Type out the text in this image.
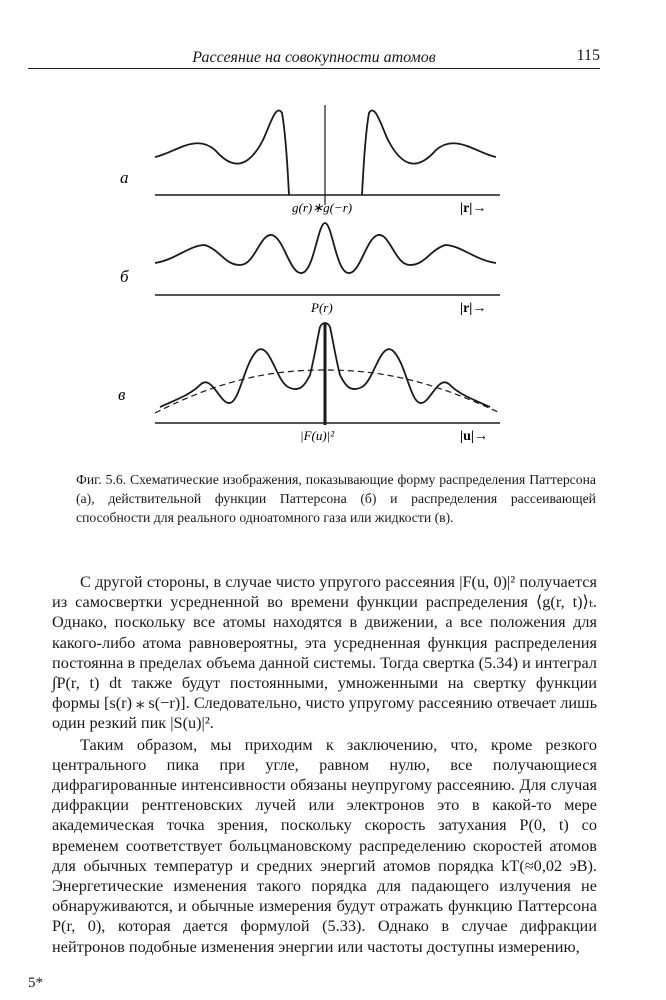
Рассеяние на совокупности атомов	115
а
g(r)∗g(−r)	|r|→
б
P(r)	|r|→
в
|F(u)|²	|u|→
Фиг. 5.6. Схематические изображения, показывающие форму распределения Паттерсона (а), действительной функции Паттерсона (б) и распределения рассеивающей способности для реального одноатомного газа или жидкости (в).

С другой стороны, в случае чисто упругого рассеяния |F(u, 0)|² получается из самосвертки усредненной во времени функции распределения ⟨g(r, t)⟩ₜ. Однако, поскольку все атомы находятся в движении, а все положения для какого-либо атома равновероятны, эта усредненная функция распределения постоянна в пределах объема данной системы. Тогда свертка (5.34) и интеграл ∫P(r, t) dt также будут постоянными, умноженными на свертку функции формы [s(r) ⁎ s(−r)]. Следовательно, чисто упругому рассеянию отвечает лишь один резкий пик |S(u)|².

Таким образом, мы приходим к заключению, что, кроме резкого центрального пика при угле, равном нулю, все получающиеся дифрагированные интенсивности обязаны неупругому рассеянию. Для случая дифракции рентгеновских лучей или электронов это в какой-то мере академическая точка зрения, поскольку скорость затухания P(0, t) со временем соответствует больцмановскому распределению скоростей атомов для обычных температур и средних энергий атомов порядка kT(≈0,02 эВ). Энергетические изменения такого порядка для падающего излучения не обнаруживаются, и обычные измерения будут отражать функцию Паттерсона P(r, 0), которая дается формулой (5.33). Однако в случае дифракции нейтронов подобные изменения энергии или частоты доступны измерению,

5*
